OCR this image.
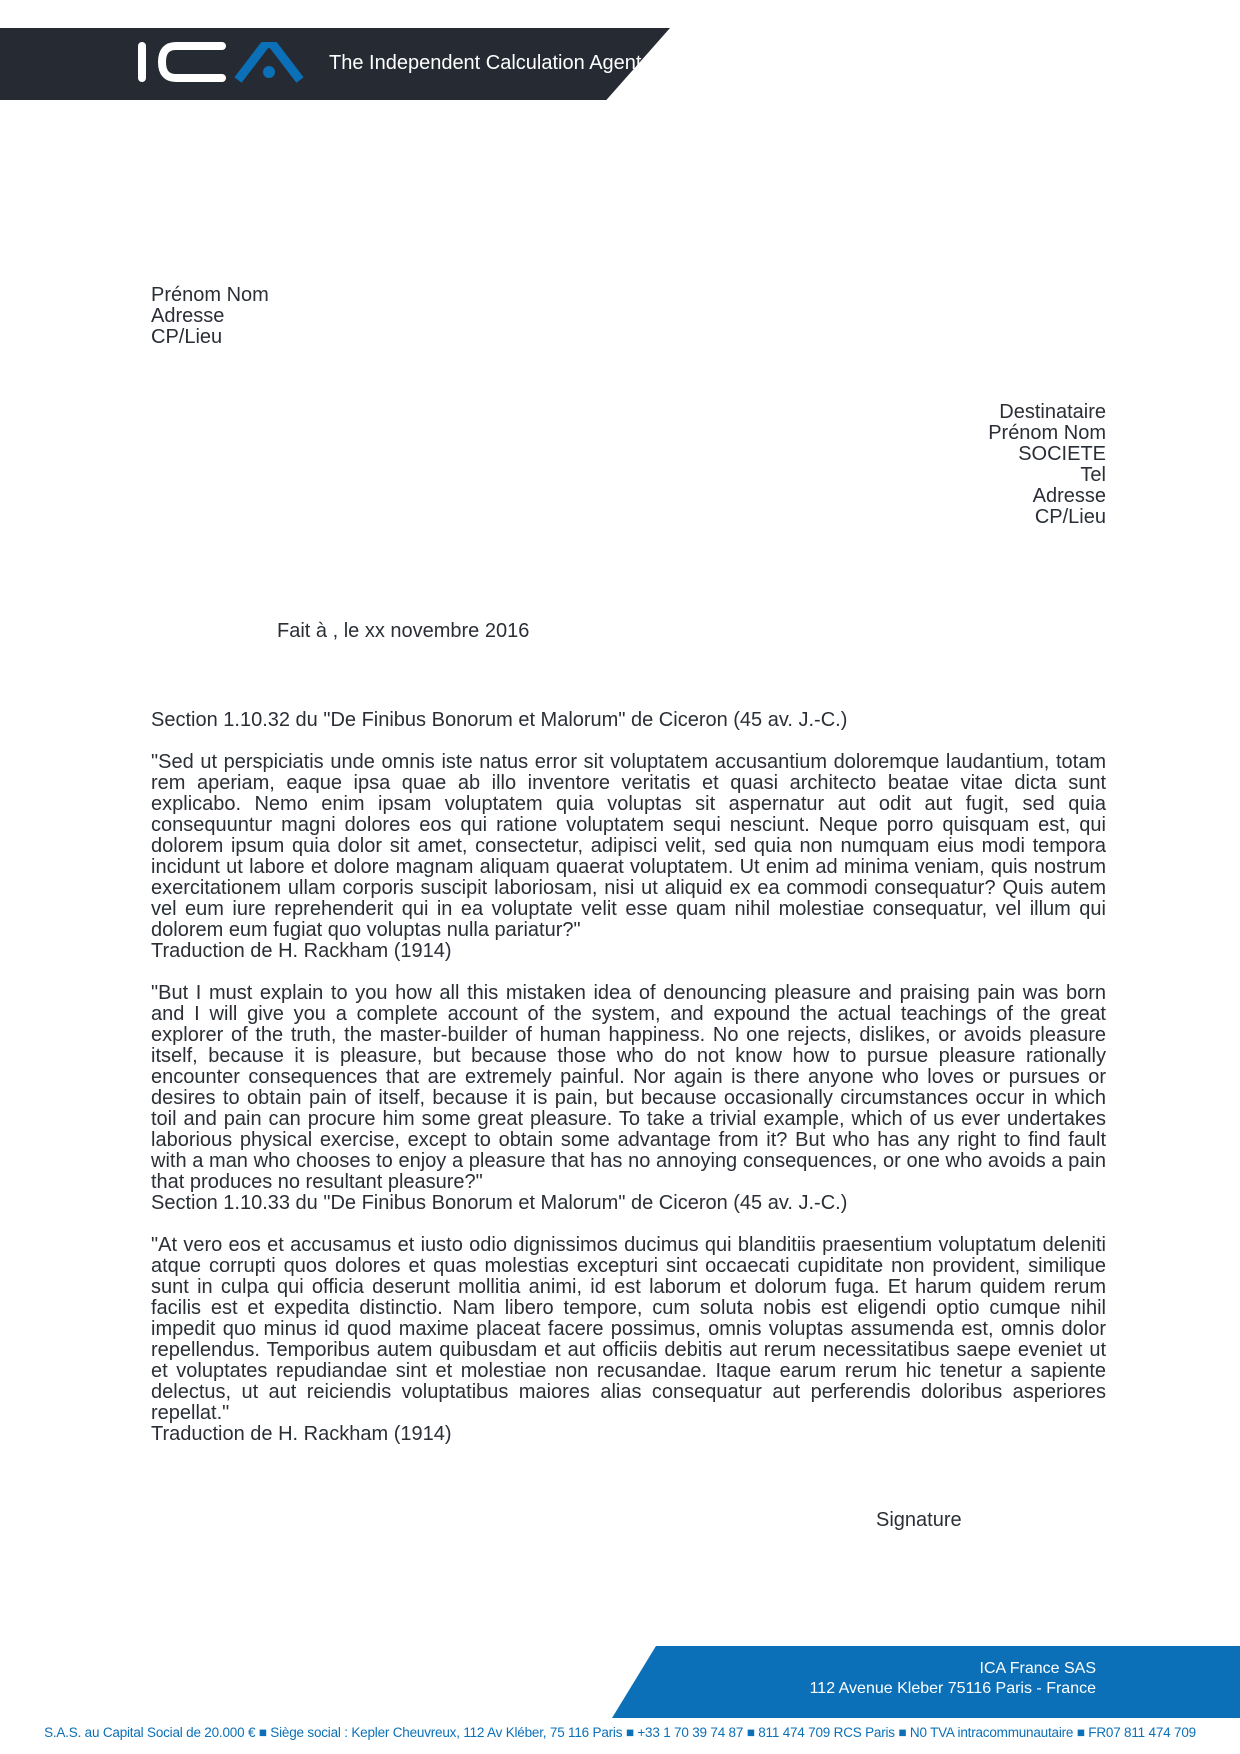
The Independent Calculation Agent
Prénom Nom
Adresse
CP/Lieu
Destinataire
Prénom Nom
SOCIETE
Tel
Adresse
CP/Lieu
Fait à , le xx novembre 2016

Section 1.10.32 du "De Finibus Bonorum et Malorum" de Ciceron (45 av. J.-C.)

"Sed ut perspiciatis unde omnis iste natus error sit voluptatem accusantium doloremque laudantium, totam rem aperiam, eaque ipsa quae ab illo inventore veritatis et quasi architecto beatae vitae dicta sunt explicabo. Nemo enim ipsam voluptatem quia voluptas sit aspernatur aut odit aut fugit, sed quia consequuntur magni dolores eos qui ratione voluptatem sequi nesciunt. Neque porro quisquam est, qui dolorem ipsum quia dolor sit amet, consectetur, adipisci velit, sed quia non numquam eius modi tempora incidunt ut labore et dolore magnam aliquam quaerat voluptatem. Ut enim ad minima veniam, quis nostrum exercitationem ullam corporis suscipit laboriosam, nisi ut aliquid ex ea commodi consequatur? Quis autem vel eum iure reprehenderit qui in ea voluptate velit esse quam nihil molestiae consequatur, vel illum qui dolorem eum fugiat quo voluptas nulla pariatur?"

Traduction de H. Rackham (1914)

"But I must explain to you how all this mistaken idea of denouncing pleasure and praising pain was born and I will give you a complete account of the system, and expound the actual teachings of the great explorer of the truth, the master-builder of human happiness. No one rejects, dislikes, or avoids pleasure itself, because it is pleasure, but because those who do not know how to pursue pleasure rationally encounter consequences that are extremely painful. Nor again is there anyone who loves or pursues or desires to obtain pain of itself, because it is pain, but because occasionally circumstances occur in which toil and pain can procure him some great pleasure. To take a trivial example, which of us ever undertakes laborious physical exercise, except to obtain some advantage from it? But who has any right to find fault with a man who chooses to enjoy a pleasure that has no annoying consequences, or one who avoids a pain that produces no resultant pleasure?"

Section 1.10.33 du "De Finibus Bonorum et Malorum" de Ciceron (45 av. J.-C.)

"At vero eos et accusamus et iusto odio dignissimos ducimus qui blanditiis praesentium voluptatum deleniti atque corrupti quos dolores et quas molestias excepturi sint occaecati cupiditate non provident, similique sunt in culpa qui officia deserunt mollitia animi, id est laborum et dolorum fuga. Et harum quidem rerum facilis est et expedita distinctio. Nam libero tempore, cum soluta nobis est eligendi optio cumque nihil impedit quo minus id quod maxime placeat facere possimus, omnis voluptas assumenda est, omnis dolor repellendus. Temporibus autem quibusdam et aut officiis debitis aut rerum necessitatibus saepe eveniet ut et voluptates repudiandae sint et molestiae non recusandae. Itaque earum rerum hic tenetur a sapiente delectus, ut aut reiciendis voluptatibus maiores alias consequatur aut perferendis doloribus asperiores repellat."

Traduction de H. Rackham (1914)

Signature
ICA France SAS
112 Avenue Kleber 75116 Paris - France
S.A.S. au Capital Social de 20.000 € ■ Siège social : Kepler Cheuvreux, 112 Av Kléber, 75 116 Paris ■ +33 1 70 39 74 87 ■ 811 474 709 RCS Paris ■ N0 TVA intracommunautaire ■ FR07 811 474 709
